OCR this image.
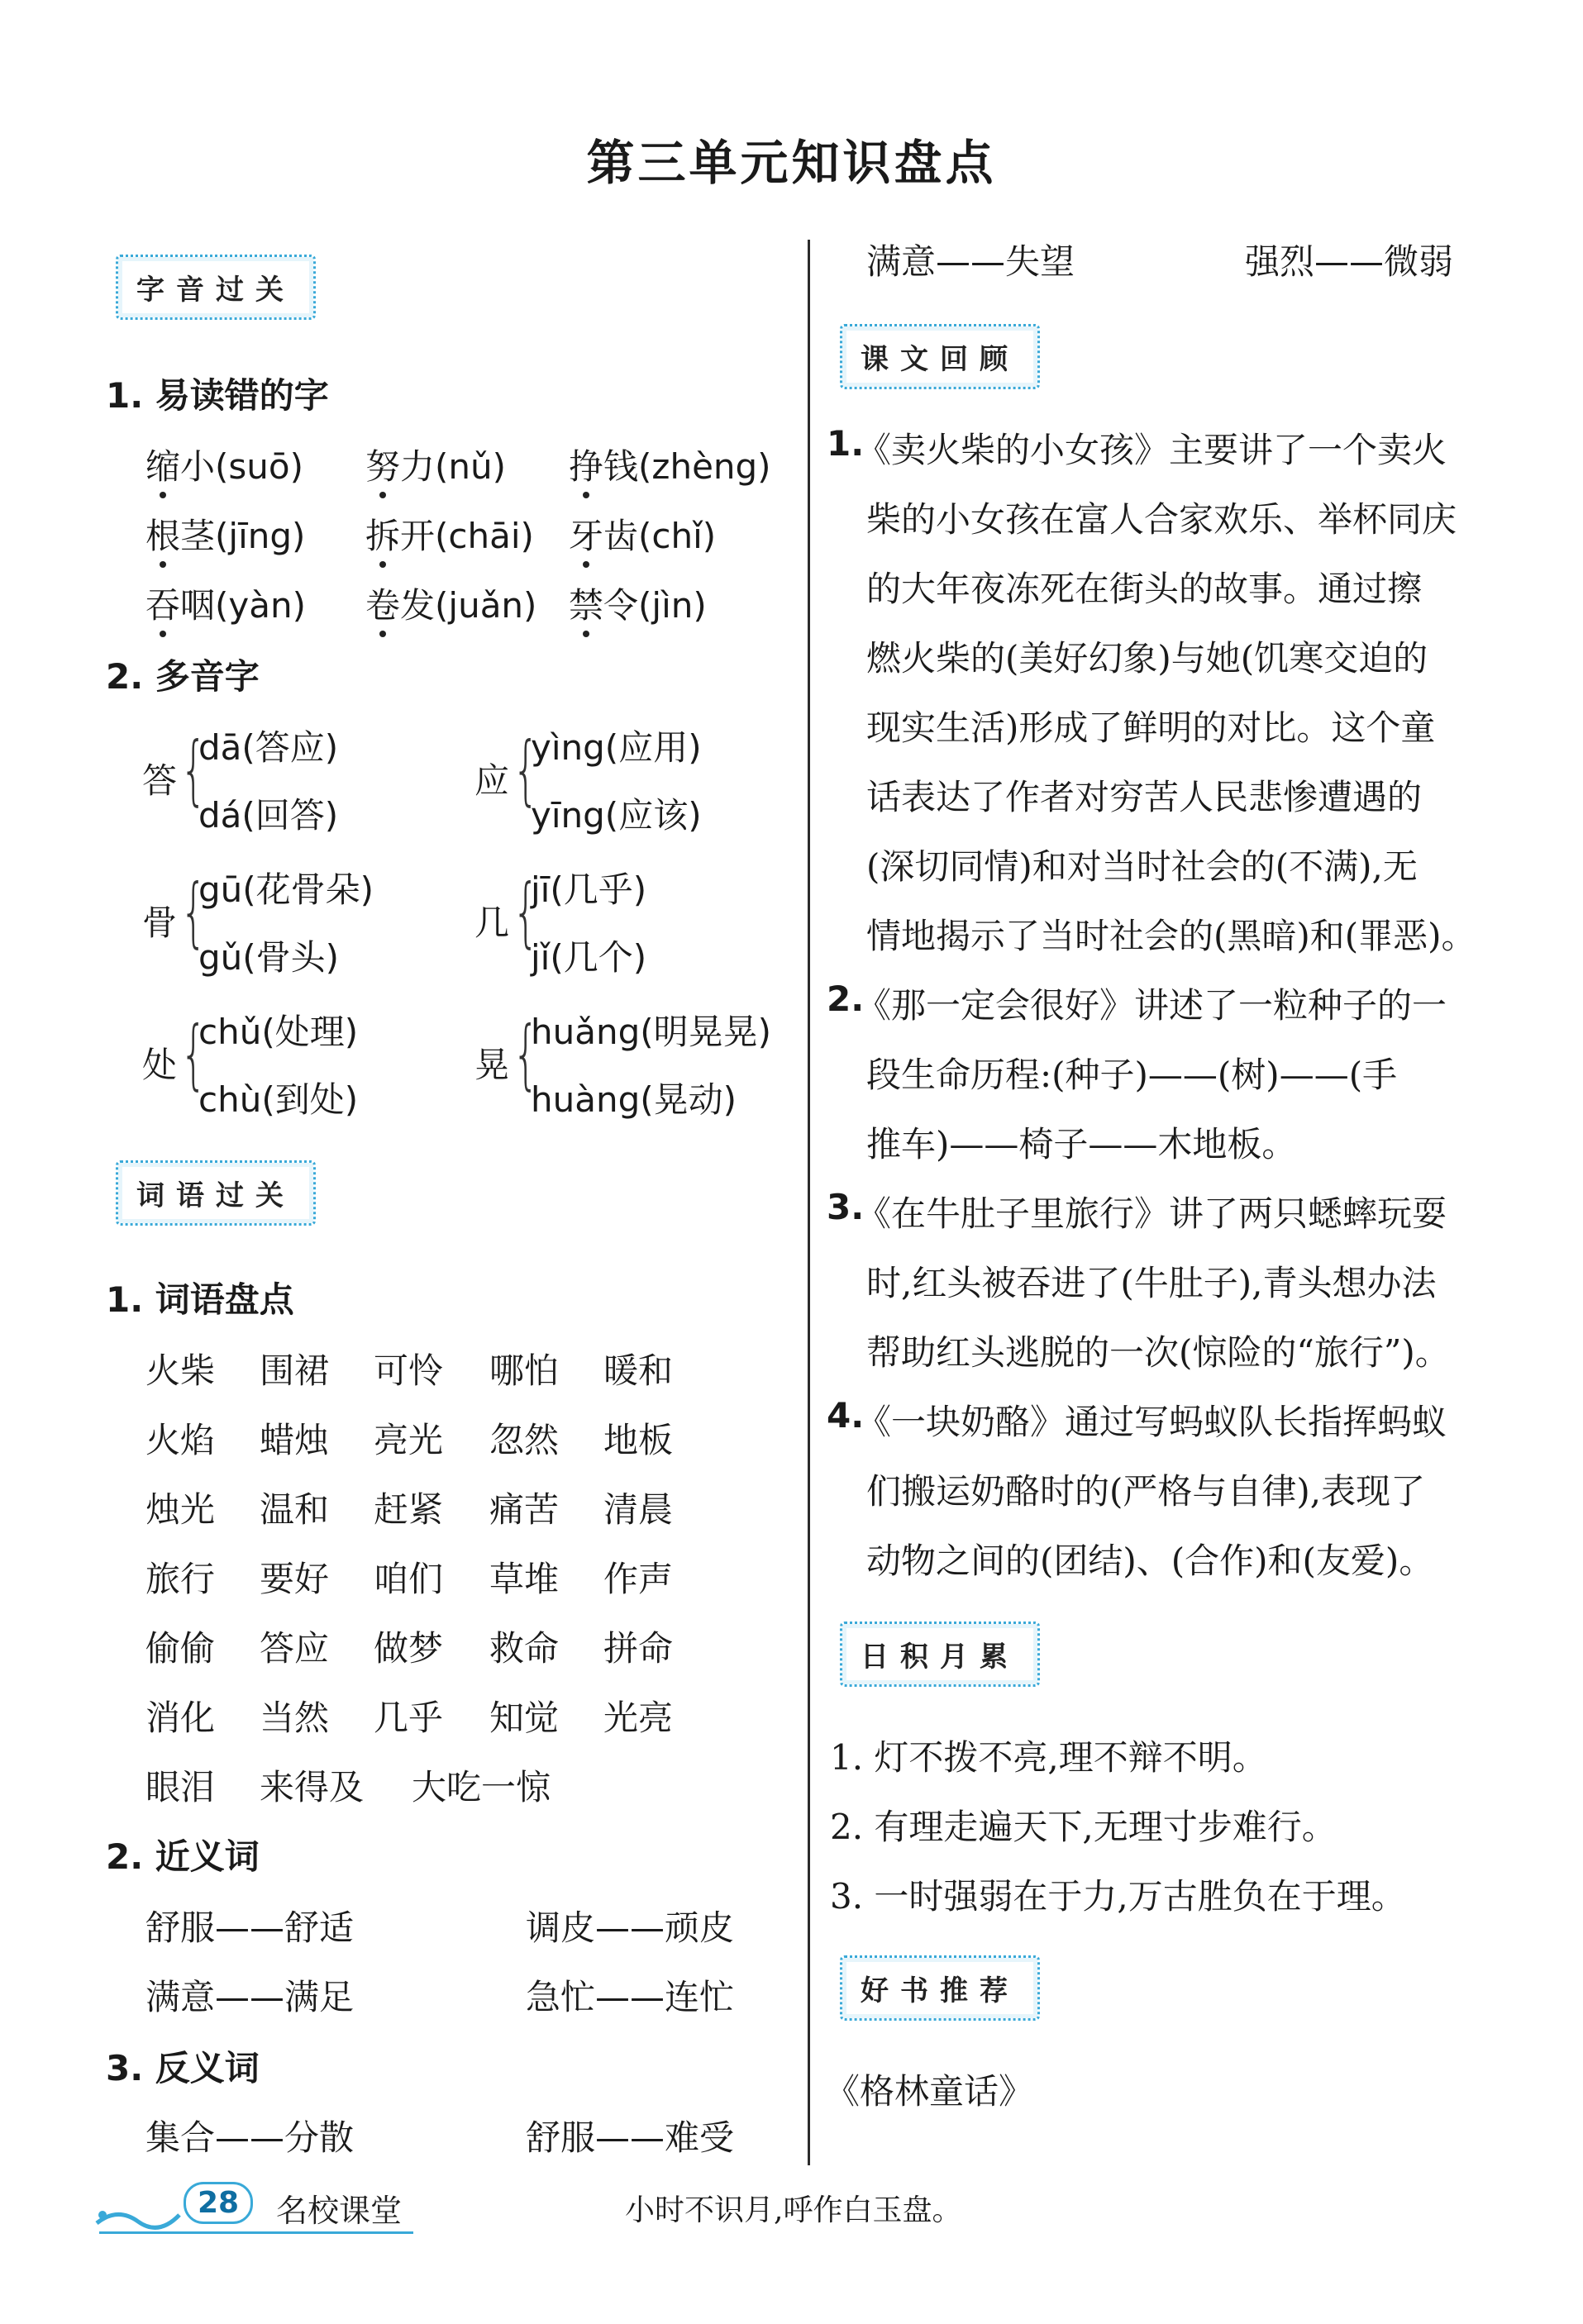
第三单元知识盘点
字音过关
1. 易读错的字
缩小(suō) 努力(nǔ) 挣钱(zhèng)
根茎(jīng) 拆开(chāi) 牙齿(chǐ)
吞咽(yàn) 卷发(juǎn) 禁令(jìn)
2. 多音字
答 {
dā(答应)
dá(回答)
应 {
yìng(应用)
yīng(应该)
骨 {
gū(花骨朵)
gǔ(骨头)
几 {
jī(几乎)
jǐ(几个)
处 {
chǔ(处理)
chù(到处)
晃 {
huǎng(明晃晃)
huàng(晃动)
词语过关
1. 词语盘点
火柴 围裙 可怜 哪怕 暖和
火焰 蜡烛 亮光 忽然 地板
烛光 温和 赶紧 痛苦 清晨
旅行 要好 咱们 草堆 作声
偷偷 答应 做梦 救命 拼命
消化 当然 几乎 知觉 光亮
眼泪 来得及 大吃一惊
2. 近义词
舒服——舒适	调皮——顽皮
满意——满足	急忙——连忙
3. 反义词
集合——分散	舒服——难受
满意——失望	强烈——微弱
课文回顾
1.
《卖火柴的小女孩》主要讲了一个卖火
柴的小女孩在富人合家欢乐、举杯同庆
的大年夜冻死在街头的故事。通过擦
燃火柴的(美好幻象)与她(饥寒交迫的
现实生活)形成了鲜明的对比。这个童
话表达了作者对穷苦人民悲惨遭遇的
(深切同情)和对当时社会的(不满),无
情地揭示了当时社会的(黑暗)和(罪恶)。
2.
《那一定会很好》讲述了一粒种子的一
段生命历程:(种子)——(树)——(手
推车)——椅子——木地板。
3.
《在牛肚子里旅行》讲了两只蟋蟀玩耍
时,红头被吞进了(牛肚子),青头想办法
帮助红头逃脱的一次(惊险的“旅行”)。
4.
《一块奶酪》通过写蚂蚁队长指挥蚂蚁
们搬运奶酪时的(严格与自律),表现了
动物之间的(团结)、(合作)和(友爱)。
日积月累
1. 灯不拨不亮,理不辩不明。
2. 有理走遍天下,无理寸步难行。
3. 一时强弱在于力,万古胜负在于理。
好书推荐
《格林童话》
28	名校课堂	小时不识月,呼作白玉盘。
